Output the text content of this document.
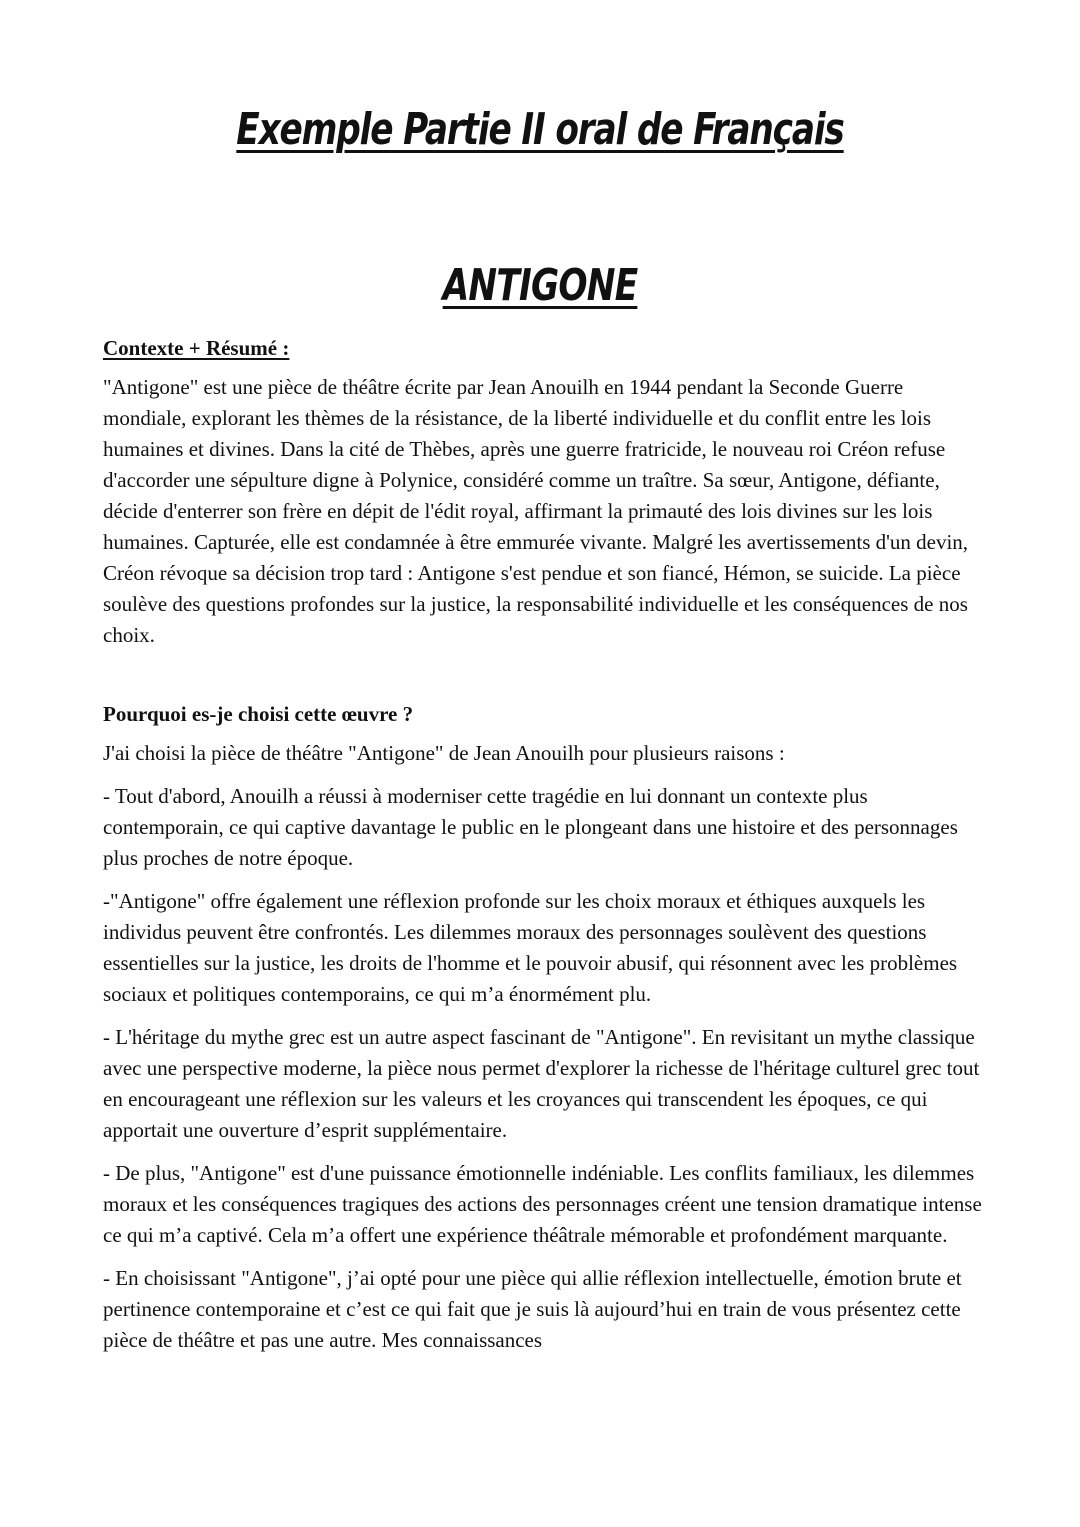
Exemple Partie II oral de Français
ANTIGONE
Contexte + Résumé :

"Antigone" est une pièce de théâtre écrite par Jean Anouilh en 1944 pendant la Seconde Guerre mondiale, explorant les thèmes de la résistance, de la liberté individuelle et du conflit entre les lois humaines et divines. Dans la cité de Thèbes, après une guerre fratricide, le nouveau roi Créon refuse d'accorder une sépulture digne à Polynice, considéré comme un traître. Sa sœur, Antigone, défiante, décide d'enterrer son frère en dépit de l'édit royal, affirmant la primauté des lois divines sur les lois humaines. Capturée, elle est condamnée à être emmurée vivante. Malgré les avertissements d'un devin, Créon révoque sa décision trop tard : Antigone s'est pendue et son fiancé, Hémon, se suicide. La pièce soulève des questions profondes sur la justice, la responsabilité individuelle et les conséquences de nos choix.

Pourquoi es-je choisi cette œuvre ?

J'ai choisi la pièce de théâtre "Antigone" de Jean Anouilh pour plusieurs raisons :

- Tout d'abord, Anouilh a réussi à moderniser cette tragédie en lui donnant un contexte plus contemporain, ce qui captive davantage le public en le plongeant dans une histoire et des personnages plus proches de notre époque.

-"Antigone" offre également une réflexion profonde sur les choix moraux et éthiques auxquels les individus peuvent être confrontés. Les dilemmes moraux des personnages soulèvent des questions essentielles sur la justice, les droits de l'homme et le pouvoir abusif, qui résonnent avec les problèmes sociaux et politiques contemporains, ce qui m’a énormément plu.

- L'héritage du mythe grec est un autre aspect fascinant de "Antigone". En revisitant un mythe classique avec une perspective moderne, la pièce nous permet d'explorer la richesse de l'héritage culturel grec tout en encourageant une réflexion sur les valeurs et les croyances qui transcendent les époques, ce qui apportait une ouverture d’esprit supplémentaire.

- De plus, "Antigone" est d'une puissance émotionnelle indéniable. Les conflits familiaux, les dilemmes moraux et les conséquences tragiques des actions des personnages créent une tension dramatique intense ce qui m’a captivé. Cela m’a offert une expérience théâtrale mémorable et profondément marquante.

- En choisissant "Antigone", j’ai opté pour une pièce qui allie réflexion intellectuelle, émotion brute et pertinence contemporaine et c’est ce qui fait que je suis là aujourd’hui en train de vous présentez cette pièce de théâtre et pas une autre. Mes connaissances
